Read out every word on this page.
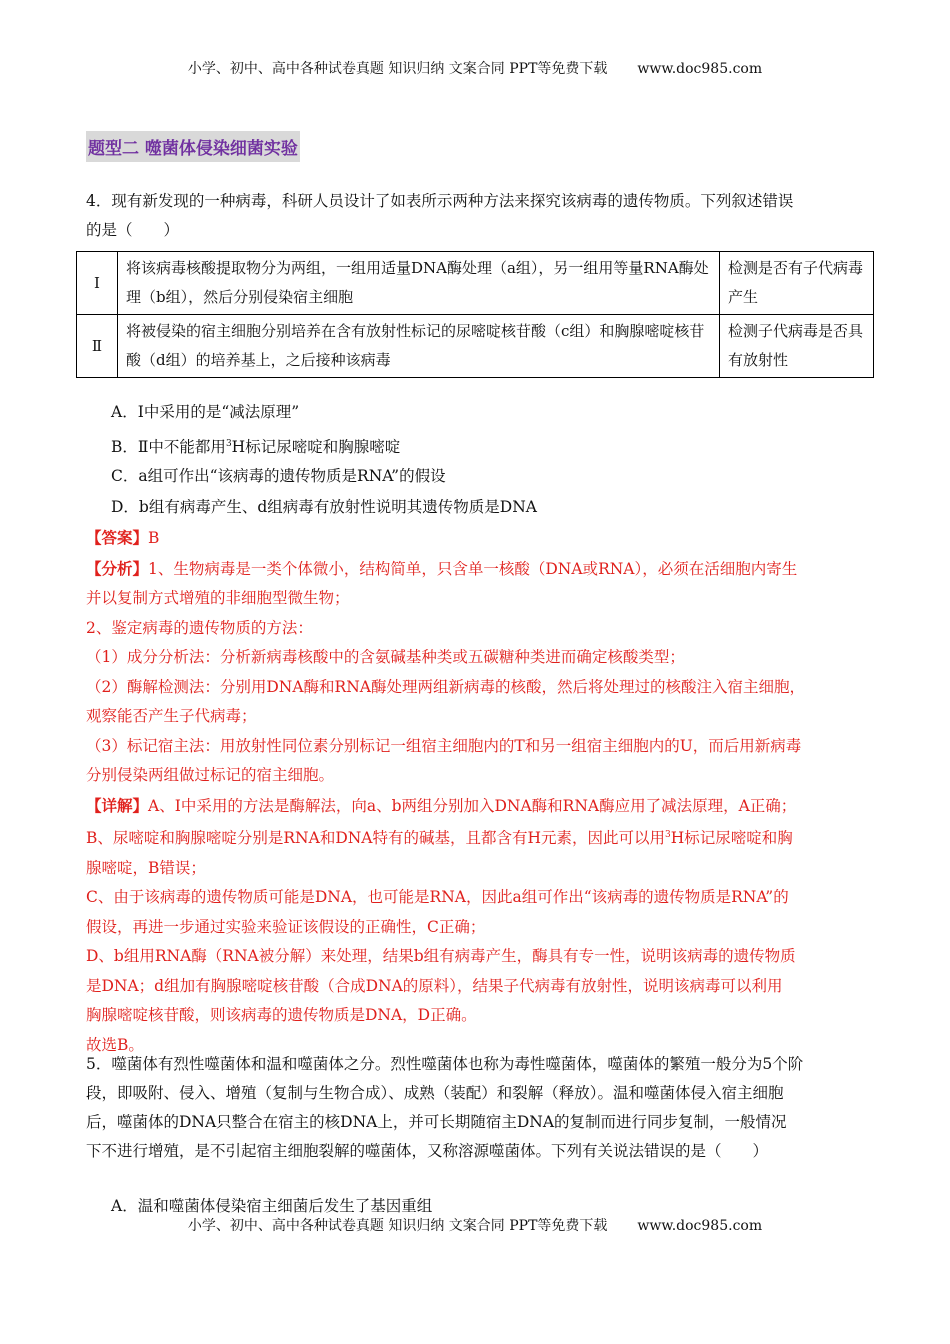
小学、初中、高中各种试卷真题 知识归纳 文案合同 PPT等免费下载 www.doc985.com
题型二 噬菌体侵染细菌实验
4．现有新发现的一种病毒，科研人员设计了如表所示两种方法来探究该病毒的遗传物质。下列叙述错误
的是（　　）
Ⅰ	将该病毒核酸提取物分为两组，一组用适量DNA酶处理（a组），另一组用等量RNA酶处理（b组），然后分别侵染宿主细胞	检测是否有子代病毒产生
Ⅱ	将被侵染的宿主细胞分别培养在含有放射性标记的尿嘧啶核苷酸（c组）和胸腺嘧啶核苷酸（d组）的培养基上，之后接种该病毒	检测子代病毒是否具有放射性
A．Ⅰ中采用的是“减法原理”
B．Ⅱ中不能都用$^3$H标记尿嘧啶和胸腺嘧啶
C．a组可作出“该病毒的遗传物质是RNA”的假设
D．b组有病毒产生、d组病毒有放射性说明其遗传物质是DNA
【答案】B
【分析】1、生物病毒是一类个体微小，结构简单，只含单一核酸（DNA或RNA），必须在活细胞内寄生
并以复制方式增殖的非细胞型微生物；
2、鉴定病毒的遗传物质的方法：
（1）成分分析法：分析新病毒核酸中的含氨碱基种类或五碳糖种类进而确定核酸类型；
（2）酶解检测法：分别用DNA酶和RNA酶处理两组新病毒的核酸，然后将处理过的核酸注入宿主细胞，
观察能否产生子代病毒；
（3）标记宿主法：用放射性同位素分别标记一组宿主细胞内的T和另一组宿主细胞内的U，而后用新病毒
分别侵染两组做过标记的宿主细胞。
【详解】A、Ⅰ中采用的方法是酶解法，向a、b两组分别加入DNA酶和RNA酶应用了减法原理，A正确；
B、尿嘧啶和胸腺嘧啶分别是RNA和DNA特有的碱基，且都含有H元素，因此可以用$^3$H标记尿嘧啶和胸
腺嘧啶，B错误；
C、由于该病毒的遗传物质可能是DNA，也可能是RNA，因此a组可作出“该病毒的遗传物质是RNA”的
假设，再进一步通过实验来验证该假设的正确性，C正确；
D、b组用RNA酶（RNA被分解）来处理，结果b组有病毒产生，酶具有专一性，说明该病毒的遗传物质
是DNA；d组加有胸腺嘧啶核苷酸（合成DNA的原料），结果子代病毒有放射性，说明该病毒可以利用
胸腺嘧啶核苷酸，则该病毒的遗传物质是DNA，D正确。
故选B。
5．噬菌体有烈性噬菌体和温和噬菌体之分。烈性噬菌体也称为毒性噬菌体，噬菌体的繁殖一般分为5个阶
段，即吸附、侵入、增殖（复制与生物合成）、成熟（装配）和裂解（释放）。温和噬菌体侵入宿主细胞
后，噬菌体的DNA只整合在宿主的核DNA上，并可长期随宿主DNA的复制而进行同步复制，一般情况
下不进行增殖，是不引起宿主细胞裂解的噬菌体，又称溶源噬菌体。下列有关说法错误的是（　　）
A．温和噬菌体侵染宿主细菌后发生了基因重组
小学、初中、高中各种试卷真题 知识归纳 文案合同 PPT等免费下载 www.doc985.com
